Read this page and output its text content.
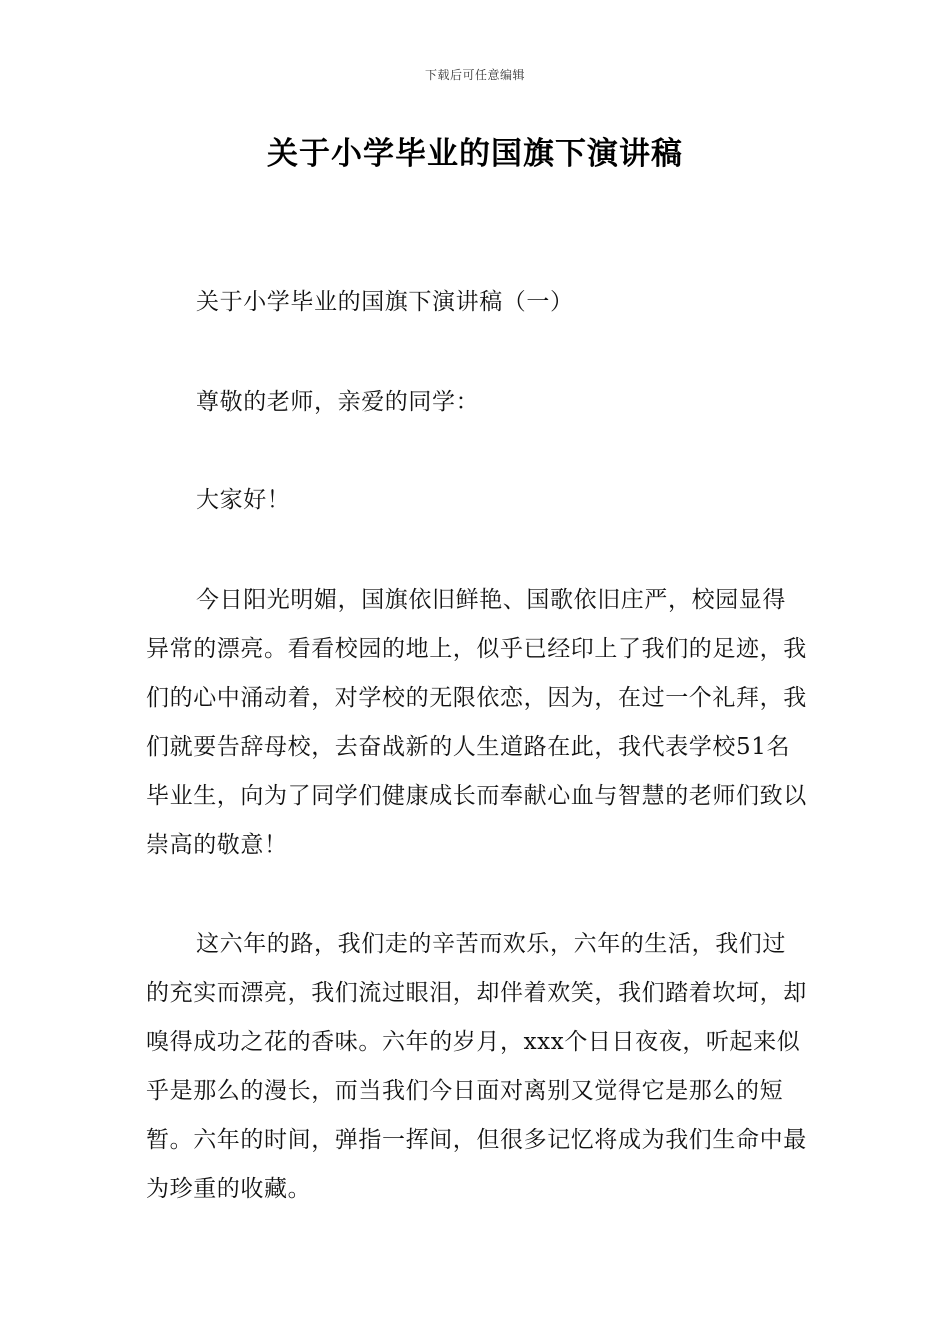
下载后可任意编辑
关于小学毕业的国旗下演讲稿

关于小学毕业的国旗下演讲稿（一）

尊敬的老师，亲爱的同学：

大家好！

今日阳光明媚，国旗依旧鲜艳、国歌依旧庄严，校园显得异常的漂亮。看看校园的地上，似乎已经印上了我们的足迹，我们的心中涌动着，对学校的无限依恋，因为，在过一个礼拜，我们就要告辞母校，去奋战新的人生道路在此，我代表学校51名毕业生，向为了同学们健康成长而奉献心血与智慧的老师们致以崇高的敬意！

这六年的路，我们走的辛苦而欢乐，六年的生活，我们过的充实而漂亮，我们流过眼泪，却伴着欢笑，我们踏着坎坷，却嗅得成功之花的香味。六年的岁月，xxx个日日夜夜，听起来似乎是那么的漫长，而当我们今日面对离别又觉得它是那么的短暂。六年的时间，弹指一挥间，但很多记忆将成为我们生命中最为珍重的收藏。
